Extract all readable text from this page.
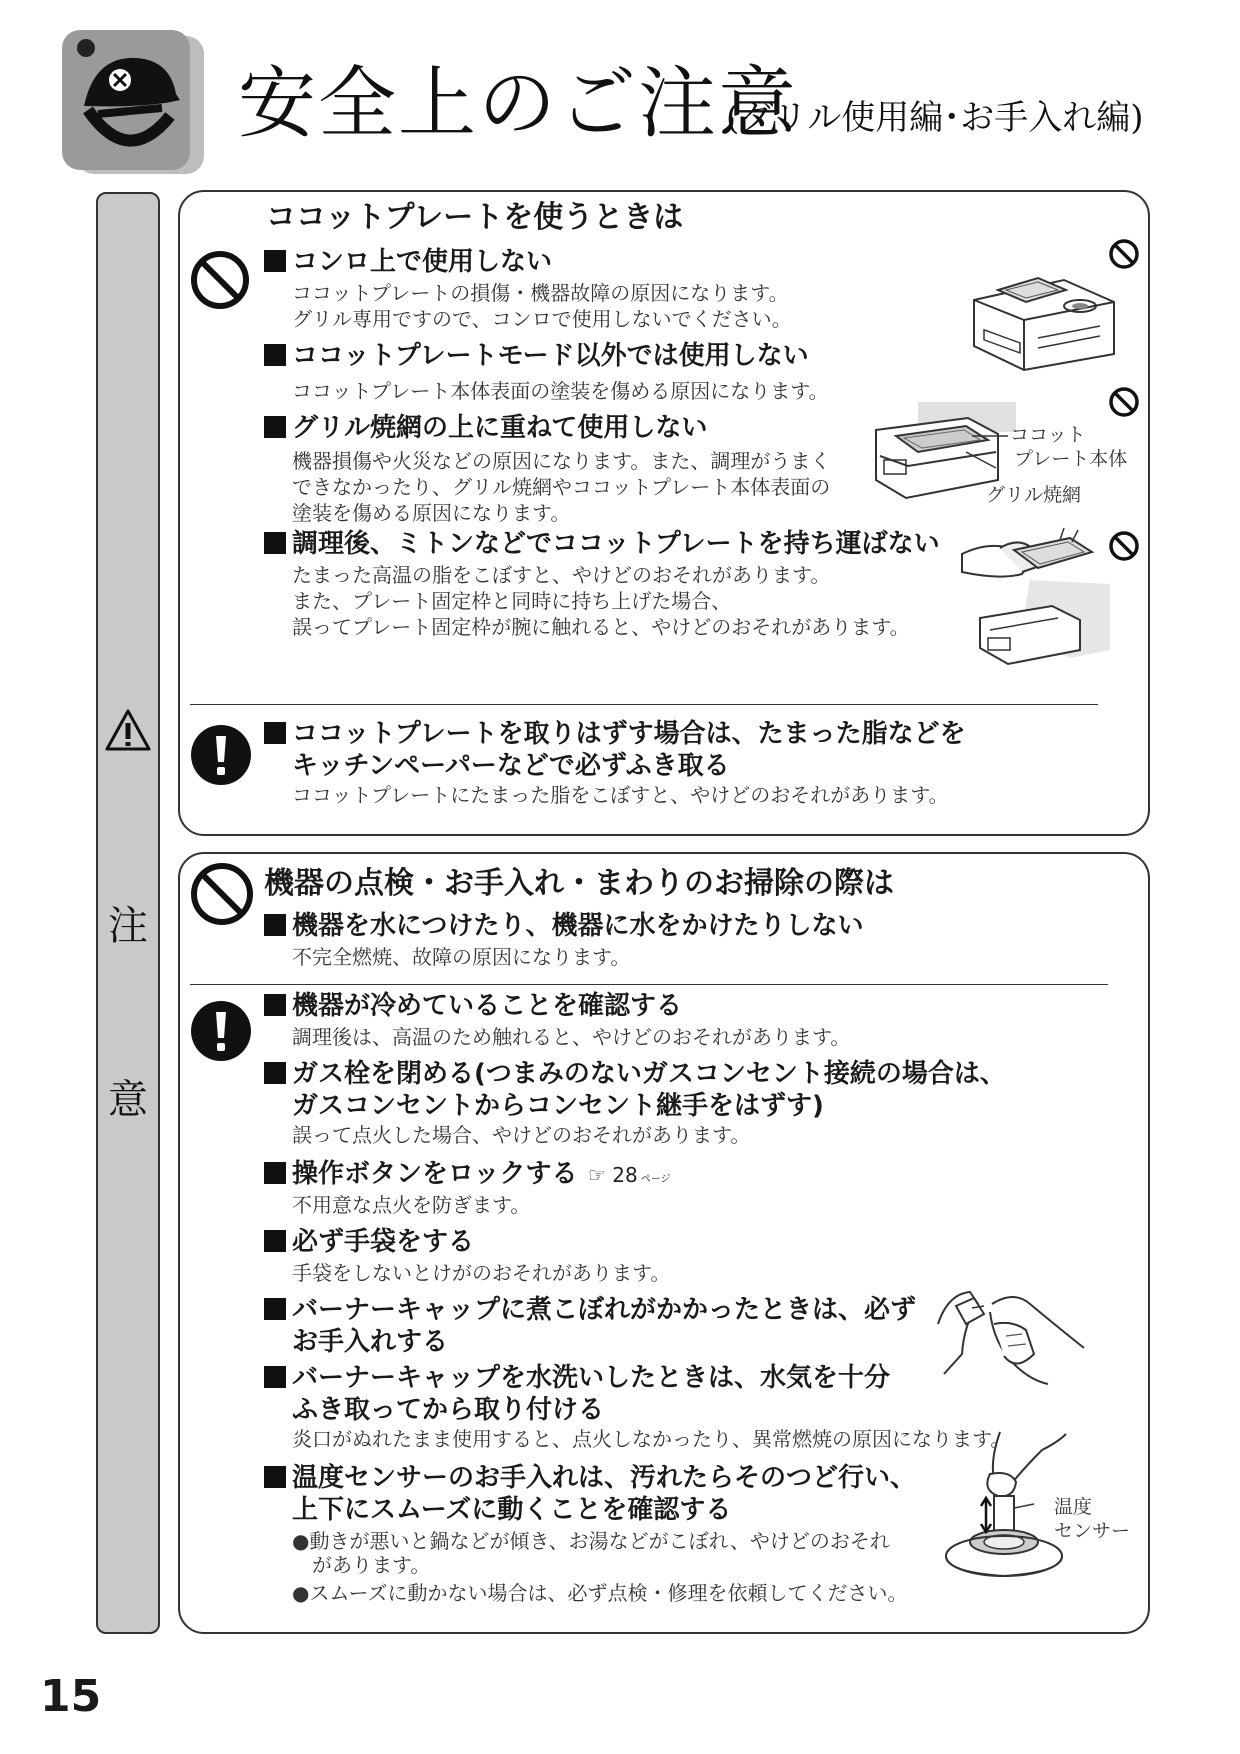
安全上のご注意
(グリル使用編･お手入れ編)
注
意
ココットプレートを使うときは
コンロ上で使用しない
ココットプレートの損傷・機器故障の原因になります。
グリル専用ですので、コンロで使用しないでください。
ココットプレートモード以外では使用しない
ココットプレート本体表面の塗装を傷める原因になります。
グリル焼網の上に重ねて使用しない
機器損傷や火災などの原因になります。また、調理がうまく
できなかったり、グリル焼網やココットプレート本体表面の
塗装を傷める原因になります。
調理後、ミトンなどでココットプレートを持ち運ばない
たまった高温の脂をこぼすと、やけどのおそれがあります。
また、プレート固定枠と同時に持ち上げた場合、
誤ってプレート固定枠が腕に触れると、やけどのおそれがあります。
ココット
プレート本体
グリル焼網
ココットプレートを取りはずす場合は、たまった脂などを
キッチンペーパーなどで必ずふき取る
ココットプレートにたまった脂をこぼすと、やけどのおそれがあります。
機器の点検・お手入れ・まわりのお掃除の際は
機器を水につけたり、機器に水をかけたりしない
不完全燃焼、故障の原因になります。
機器が冷めていることを確認する
調理後は、高温のため触れると、やけどのおそれがあります。
ガス栓を閉める(つまみのないガスコンセント接続の場合は、
ガスコンセントからコンセント継手をはずす)
誤って点火した場合、やけどのおそれがあります。
操作ボタンをロックする ☞ 28 ページ
不用意な点火を防ぎます。
必ず手袋をする
手袋をしないとけがのおそれがあります。
バーナーキャップに煮こぼれがかかったときは、必ず
お手入れする
バーナーキャップを水洗いしたときは、水気を十分
ふき取ってから取り付ける
炎口がぬれたまま使用すると、点火しなかったり、異常燃焼の原因になります。
温度センサーのお手入れは、汚れたらそのつど行い、
上下にスムーズに動くことを確認する
●動きが悪いと鍋などが傾き、お湯などがこぼれ、やけどのおそれ
があります。
●スムーズに動かない場合は、必ず点検・修理を依頼してください。
温度
センサー
15
